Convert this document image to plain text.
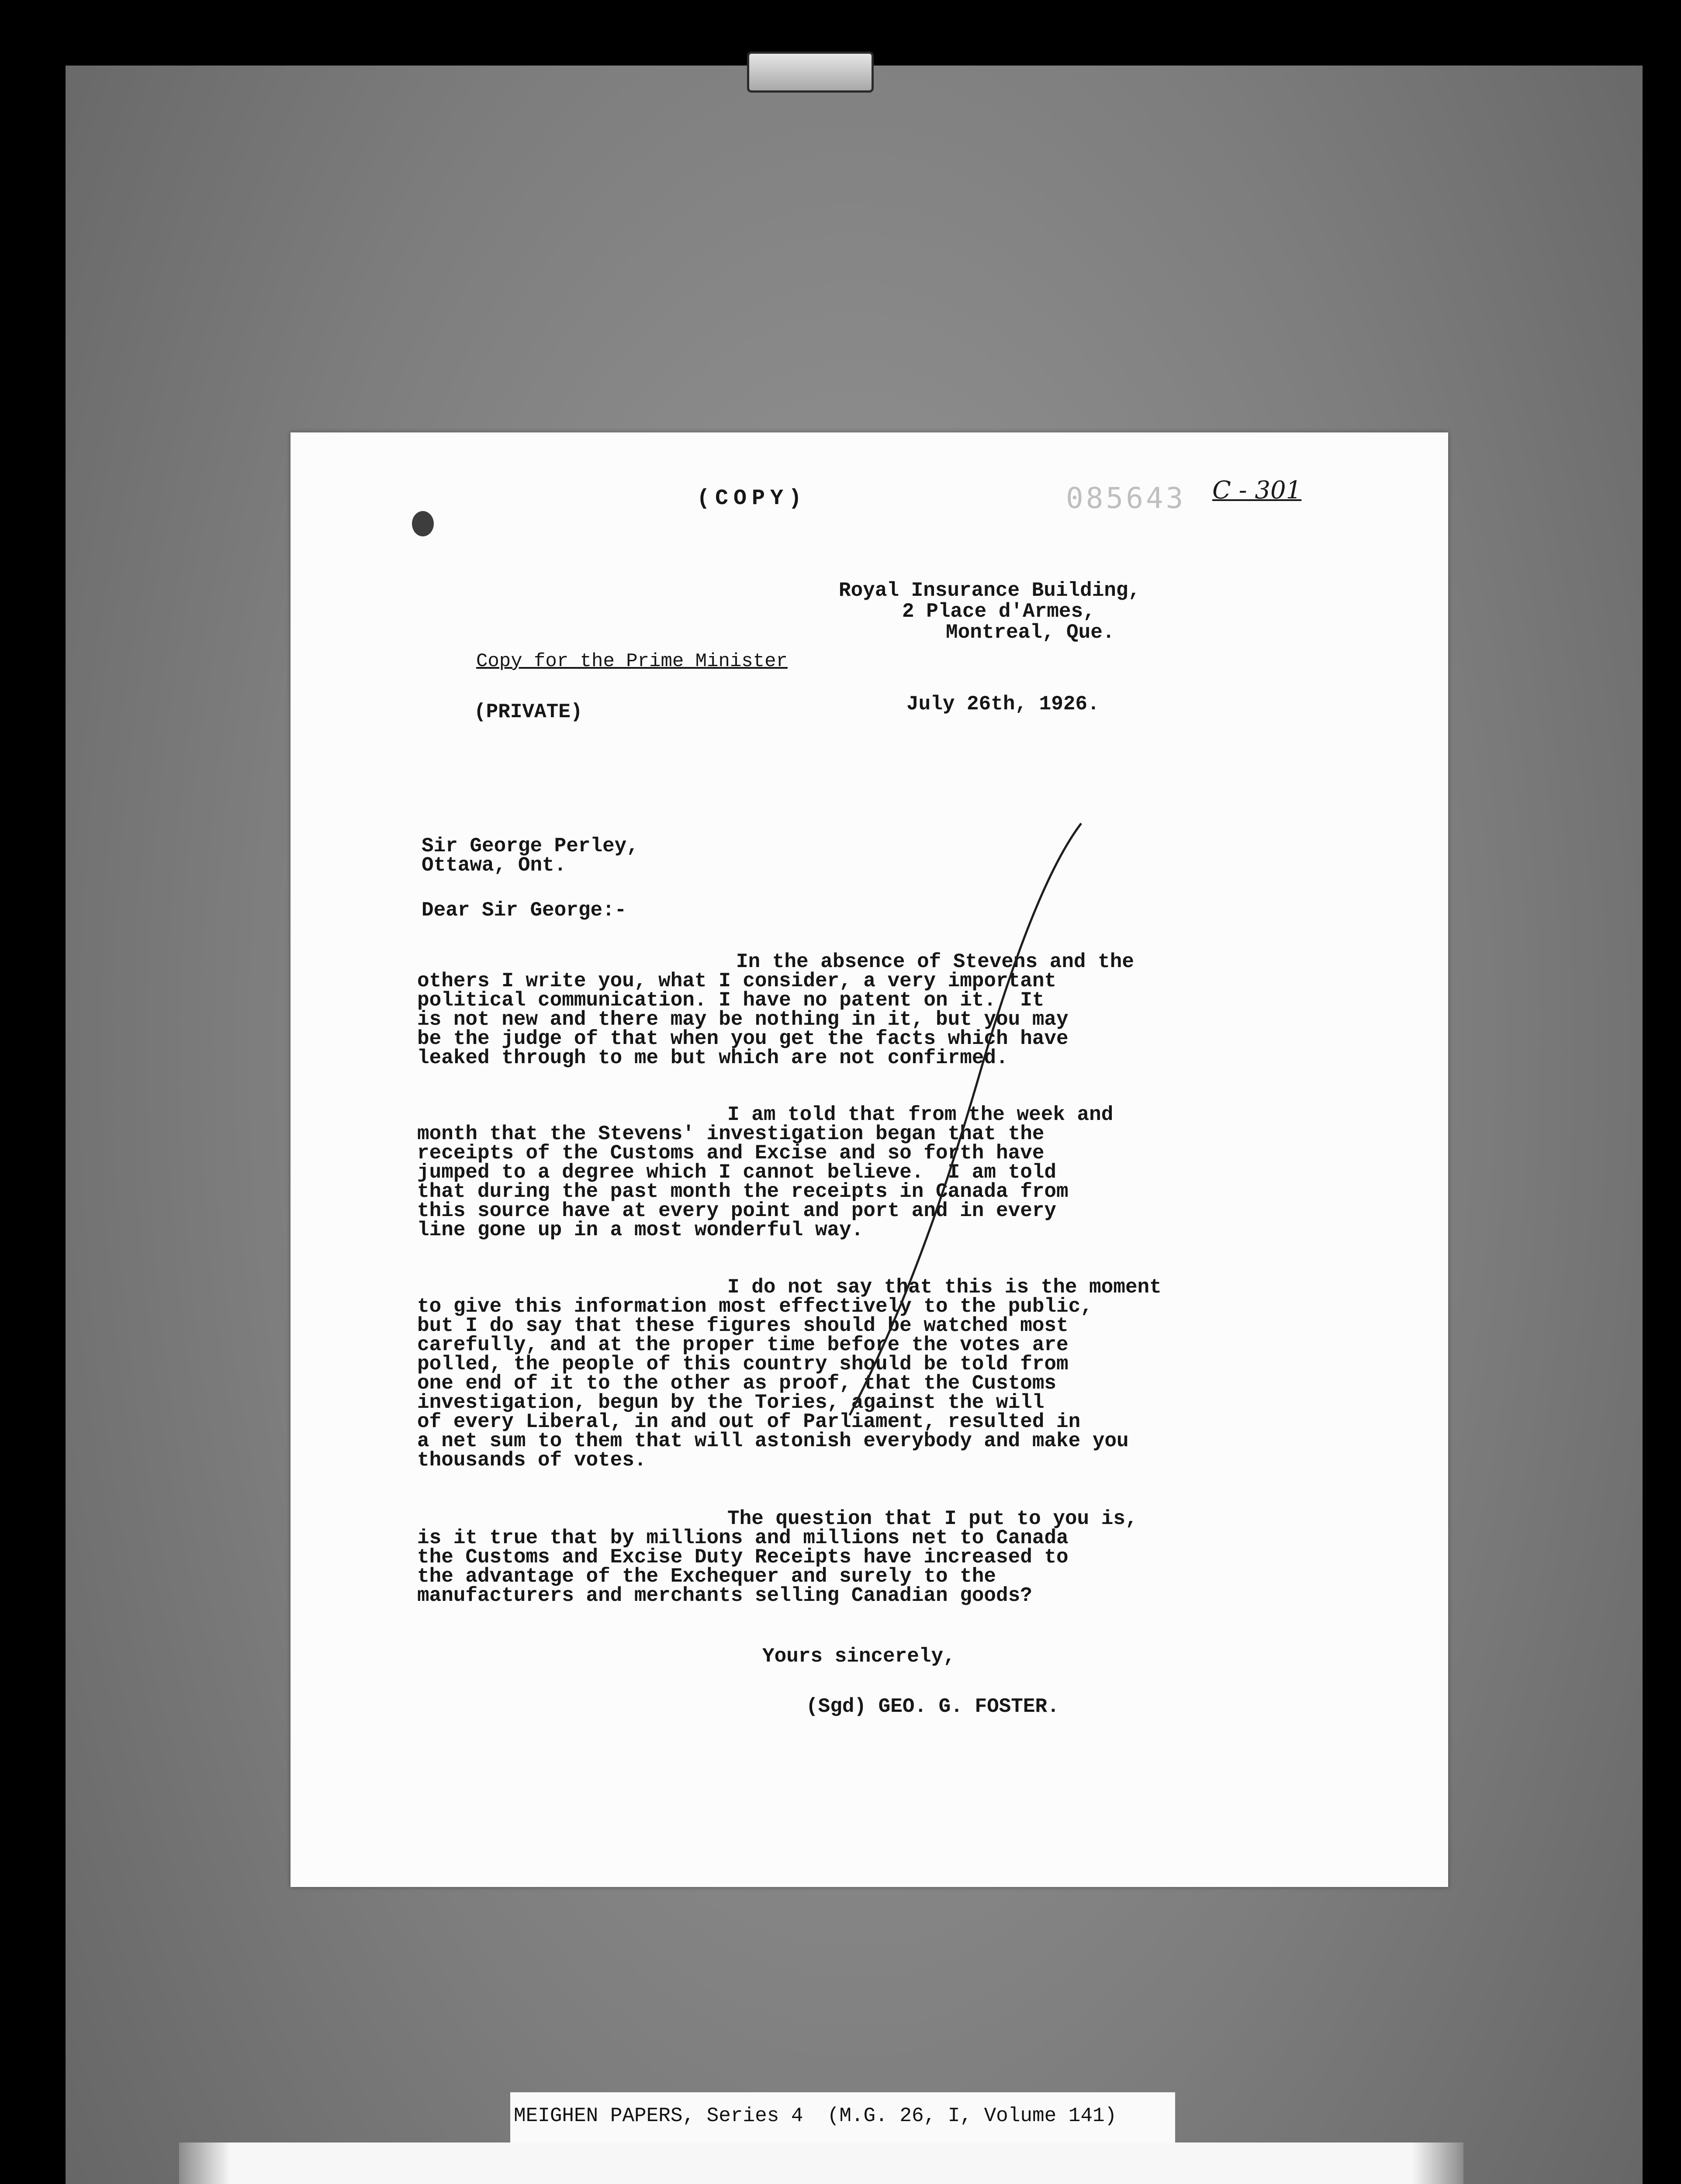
(COPY)	085643 C - 301
Royal Insurance Building,
2 Place d'Armes,
Montreal, Que.
Copy for the Prime Minister
(PRIVATE)	July 26th, 1926.
Sir George Perley,
Ottawa, Ont.
Dear Sir George:-
In the absence of Stevens and the
others I write you, what I consider, a very important
political communication. I have no patent on it.  It
is not new and there may be nothing in it, but you may
be the judge of that when you get the facts which have
leaked through to me but which are not confirmed.
I am told that from the week and
month that the Stevens' investigation began that the
receipts of the Customs and Excise and so forth have
jumped to a degree which I cannot believe.  I am told
that during the past month the receipts in Canada from
this source have at every point and port and in every
line gone up in a most wonderful way.
I do not say that this is the moment
to give this information most effectively to the public,
but I do say that these figures should be watched most
carefully, and at the proper time before the votes are
polled, the people of this country should be told from
one end of it to the other as proof, that the Customs
investigation, begun by the Tories, against the will
of every Liberal, in and out of Parliament, resulted in
a net sum to them that will astonish everybody and make you
thousands of votes.
The question that I put to you is,
is it true that by millions and millions net to Canada
the Customs and Excise Duty Receipts have increased to
the advantage of the Exchequer and surely to the
manufacturers and merchants selling Canadian goods?
Yours sincerely,
(Sgd) GEO. G. FOSTER.
MEIGHEN PAPERS, Series 4  (M.G. 26, I, Volume 141)
